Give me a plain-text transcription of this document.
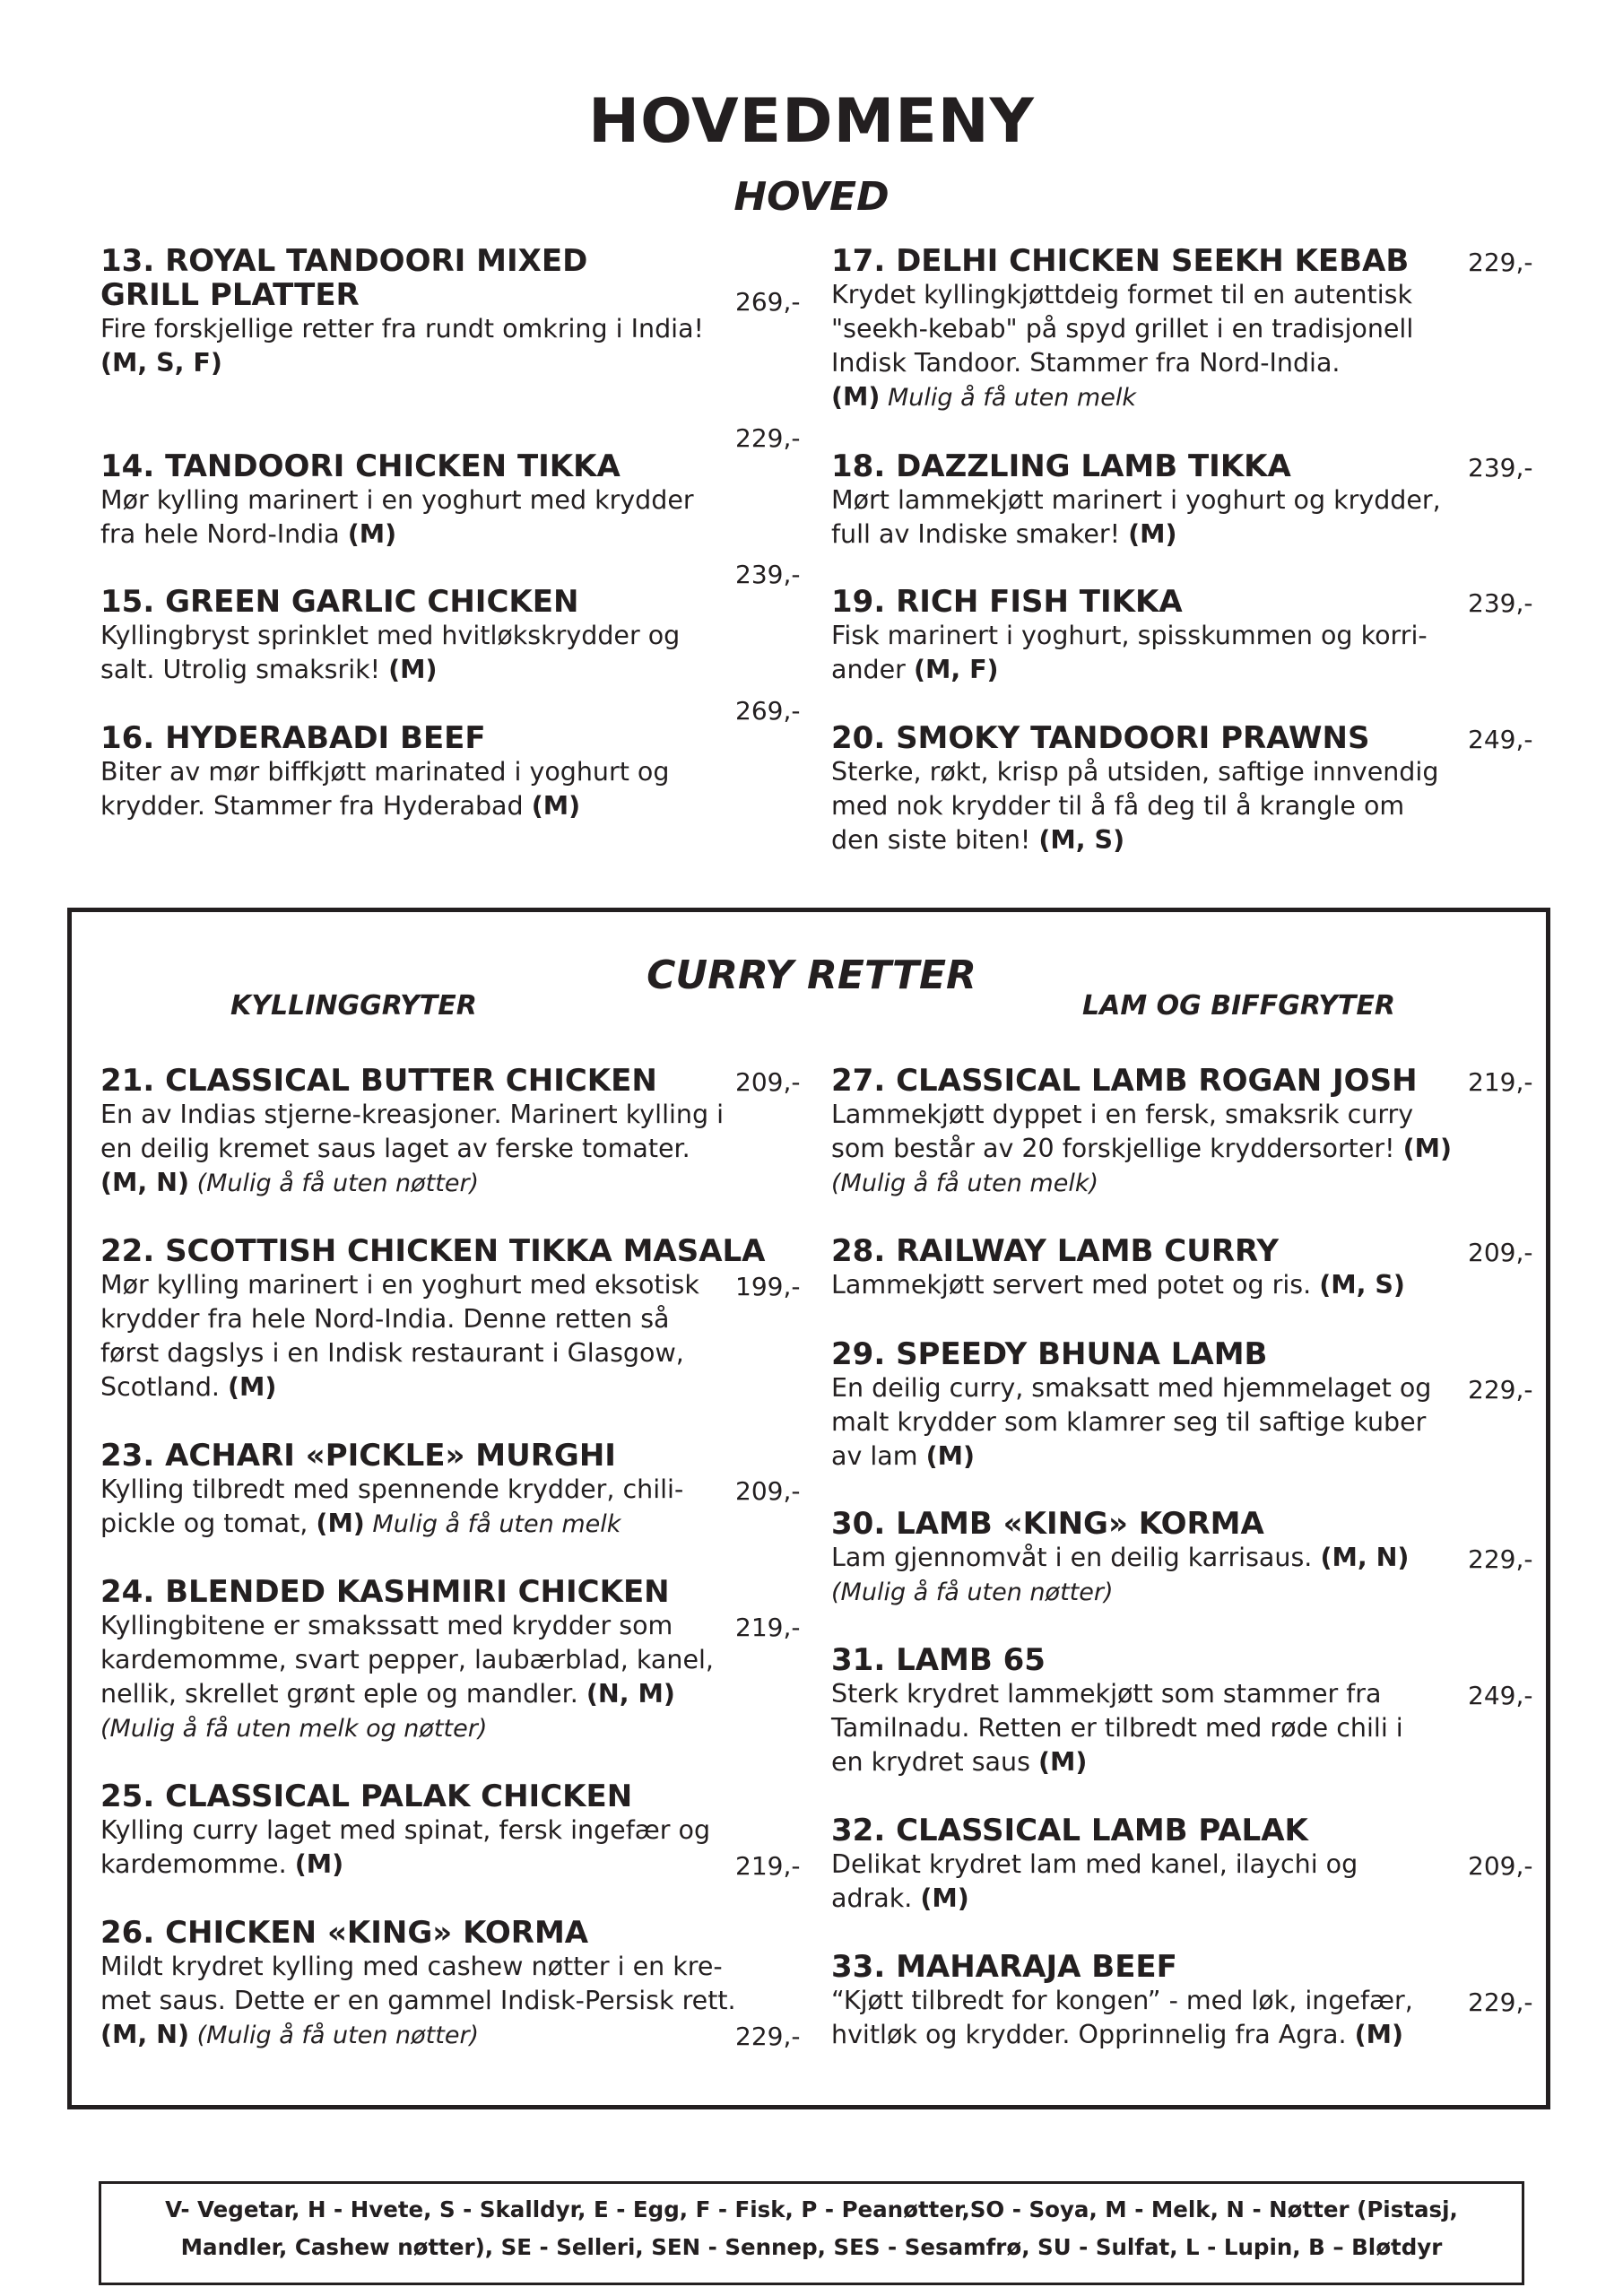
HOVEDMENY
HOVED
CURRY RETTER
KYLLINGGRYTER	LAM OG BIFFGRYTER
13. ROYAL TANDOORI MIXED
GRILL PLATTER
Fire forskjellige retter fra rundt omkring i India!
(M, S, F)
269,-
14. TANDOORI CHICKEN TIKKA
Mør kylling marinert i en yoghurt med krydder
fra hele Nord-India (M)
229,-
15. GREEN GARLIC CHICKEN
Kyllingbryst sprinklet med hvitløkskrydder og
salt. Utrolig smaksrik! (M)
239,-
16. HYDERABADI BEEF
Biter av mør biffkjøtt marinated i yoghurt og
krydder. Stammer fra Hyderabad (M)
269,-
17. DELHI CHICKEN SEEKH KEBAB
Krydet kyllingkjøttdeig formet til en autentisk
"seekh-kebab" på spyd grillet i en tradisjonell
Indisk Tandoor. Stammer fra Nord-India.
(M) Mulig å få uten melk
229,-
18. DAZZLING LAMB TIKKA
Mørt lammekjøtt marinert i yoghurt og krydder,
full av Indiske smaker! (M)
239,-
19. RICH FISH TIKKA
Fisk marinert i yoghurt, spisskummen og korri-
ander (M, F)
239,-
20. SMOKY TANDOORI PRAWNS
Sterke, røkt, krisp på utsiden, saftige innvendig
med nok krydder til å få deg til å krangle om
den siste biten! (M, S)
249,-
21. CLASSICAL BUTTER CHICKEN
En av Indias stjerne-kreasjoner. Marinert kylling i
en deilig kremet saus laget av ferske tomater.
(M, N) (Mulig å få uten nøtter)
209,-
22. SCOTTISH CHICKEN TIKKA MASALA
Mør kylling marinert i en yoghurt med eksotisk
krydder fra hele Nord-India. Denne retten så
først dagslys i en Indisk restaurant i Glasgow,
Scotland. (M)
199,-
23. ACHARI «PICKLE» MURGHI
Kylling tilbredt med spennende krydder, chili-
pickle og tomat, (M) Mulig å få uten melk
209,-
24. BLENDED KASHMIRI CHICKEN
Kyllingbitene er smakssatt med krydder som
kardemomme, svart pepper, laubærblad, kanel,
nellik, skrellet grønt eple og mandler. (N, M)
(Mulig å få uten melk og nøtter)
219,-
25. CLASSICAL PALAK CHICKEN
Kylling curry laget med spinat, fersk ingefær og
kardemomme. (M)	219,-
26. CHICKEN «KING» KORMA
Mildt krydret kylling med cashew nøtter i en kre-
met saus. Dette er en gammel Indisk-Persisk rett.
(M, N) (Mulig å få uten nøtter)	229,-
27. CLASSICAL LAMB ROGAN JOSH
Lammekjøtt dyppet i en fersk, smaksrik curry
som består av 20 forskjellige kryddersorter! (M)
(Mulig å få uten melk)
219,-
28. RAILWAY LAMB CURRY
Lammekjøtt servert med potet og ris. (M, S)
209,-
29. SPEEDY BHUNA LAMB
En deilig curry, smaksatt med hjemmelaget og
malt krydder som klamrer seg til saftige kuber
av lam (M)
229,-
30. LAMB «KING» KORMA
Lam gjennomvåt i en deilig karrisaus. (M, N)
(Mulig å få uten nøtter)
229,-
31. LAMB 65
Sterk krydret lammekjøtt som stammer fra
Tamilnadu. Retten er tilbredt med røde chili i
en krydret saus (M)
249,-
32. CLASSICAL LAMB PALAK
Delikat krydret lam med kanel, ilaychi og
adrak. (M)
209,-
33. MAHARAJA BEEF
“Kjøtt tilbredt for kongen” - med løk, ingefær,
hvitløk og krydder. Opprinnelig fra Agra. (M)
229,-
V- Vegetar, H - Hvete, S - Skalldyr, E - Egg, F - Fisk, P - Peanøtter,SO - Soya, M - Melk, N - Nøtter (Pistasj,
Mandler, Cashew nøtter), SE - Selleri, SEN - Sennep, SES - Sesamfrø, SU - Sulfat, L - Lupin, B – Bløtdyr
